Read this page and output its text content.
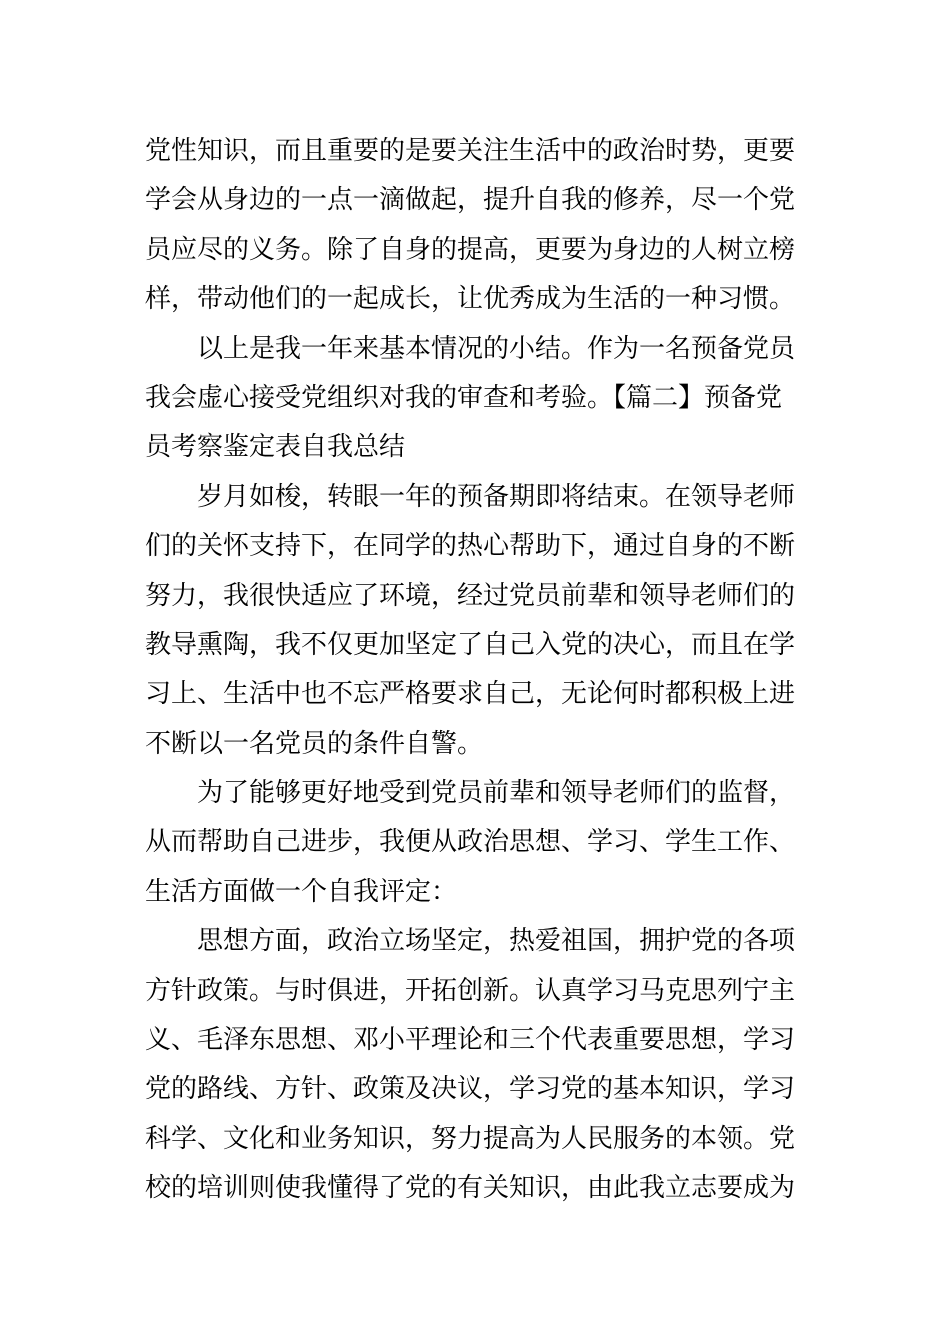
党性知识，而且重要的是要关注生活中的政治时势，更要
学会从身边的一点一滴做起，提升自我的修养，尽一个党
员应尽的义务。除了自身的提高，更要为身边的人树立榜
样，带动他们的一起成长，让优秀成为生活的一种习惯。
以上是我一年来基本情况的小结。作为一名预备党员
我会虚心接受党组织对我的审查和考验。【篇二】预备党
员考察鉴定表自我总结
岁月如梭，转眼一年的预备期即将结束。在领导老师
们的关怀支持下，在同学的热心帮助下，通过自身的不断
努力，我很快适应了环境，经过党员前辈和领导老师们的
教导熏陶，我不仅更加坚定了自己入党的决心，而且在学
习上、生活中也不忘严格要求自己，无论何时都积极上进
不断以一名党员的条件自警。
为了能够更好地受到党员前辈和领导老师们的监督，
从而帮助自己进步，我便从政治思想、学习、学生工作、
生活方面做一个自我评定：
思想方面，政治立场坚定，热爱祖国，拥护党的各项
方针政策。与时俱进，开拓创新。认真学习马克思列宁主
义、毛泽东思想、邓小平理论和三个代表重要思想，学习
党的路线、方针、政策及决议，学习党的基本知识，学习
科学、文化和业务知识，努力提高为人民服务的本领。党
校的培训则使我懂得了党的有关知识，由此我立志要成为
